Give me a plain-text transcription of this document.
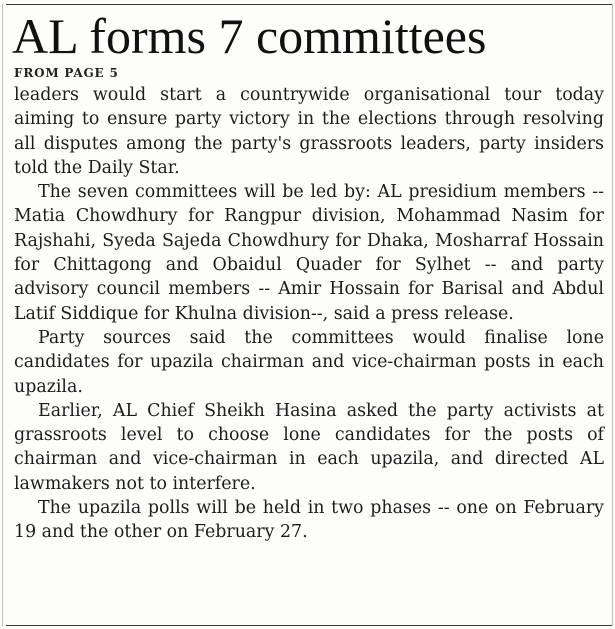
AL forms 7 committees
FROM PAGE 5

leaders would start a countrywide organisational tour today aiming to ensure party victory in the elections through resolving all disputes among the party's grassroots leaders, party insiders told the Daily Star.

The seven committees will be led by: AL presidium members -- Matia Chowdhury for Rangpur division, Mohammad Nasim for Rajshahi, Syeda Sajeda Chowdhury for Dhaka, Mosharraf Hossain for Chittagong and Obaidul Quader for Sylhet -- and party advisory council members -- Amir Hossain for Barisal and Abdul Latif Siddique for Khulna division--, said a press release.

Party sources said the committees would finalise lone candidates for upazila chairman and vice-chairman posts in each upazila.

Earlier, AL Chief Sheikh Hasina asked the party activists at grassroots level to choose lone candidates for the posts of chairman and vice-chairman in each upazila, and directed AL lawmakers not to interfere.

The upazila polls will be held in two phases -- one on February 19 and the other on February 27.
